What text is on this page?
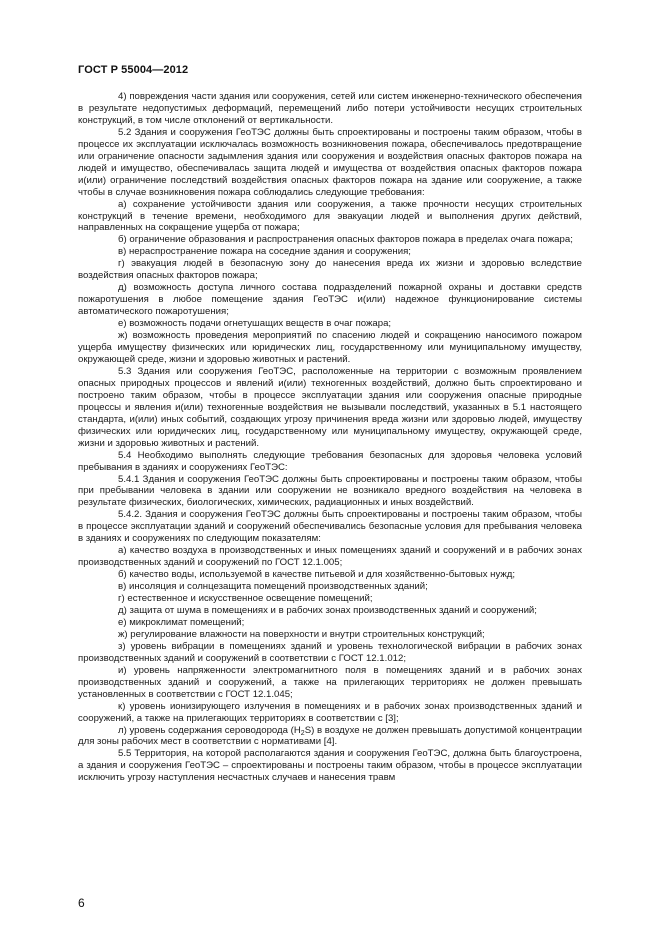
ГОСТ Р 55004—2012

4) повреждения части здания или сооружения, сетей или систем инженерно-технического обеспечения в результате недопустимых деформаций, перемещений либо потери устойчивости несущих строительных конструкций, в том числе отклонений от вертикальности.

5.2 Здания и сооружения ГеоТЭС должны быть спроектированы и построены таким образом, чтобы в процессе их эксплуатации исключалась возможность возникновения пожара, обеспечивалось предотвращение или ограничение опасности задымления здания или сооружения и воздействия опасных факторов пожара на людей и имущество, обеспечивалась защита людей и имущества от воздействия опасных факторов пожара и(или) ограничение последствий воздействия опасных факторов пожара на здание или сооружение, а также чтобы в случае возникновения пожара соблюдались следующие требования:

а) сохранение устойчивости здания или сооружения, а также прочности несущих строительных конструкций в течение времени, необходимого для эвакуации людей и выполнения других действий, направленных на сокращение ущерба от пожара;

б) ограничение образования и распространения опасных факторов пожара в пределах очага пожара;

в) нераспространение пожара на соседние здания и сооружения;

г) эвакуация людей в безопасную зону до нанесения вреда их жизни и здоровью вследствие воздействия опасных факторов пожара;

д) возможность доступа личного состава подразделений пожарной охраны и доставки средств пожаротушения в любое помещение здания ГеоТЭС и(или) надежное функционирование системы автоматического пожаротушения;

е) возможность подачи огнетушащих веществ в очаг пожара;

ж) возможность проведения мероприятий по спасению людей и сокращению наносимого пожаром ущерба имуществу физических или юридических лиц, государственному или муниципальному имуществу, окружающей среде, жизни и здоровью животных и растений.

5.3 Здания или сооружения ГеоТЭС, расположенные на территории с возможным проявлением опасных природных процессов и явлений и(или) техногенных воздействий, должно быть спроектировано и построено таким образом, чтобы в процессе эксплуатации здания или сооружения опасные природные процессы и явления и(или) техногенные воздействия не вызывали последствий, указанных в 5.1 настоящего стандарта, и(или) иных событий, создающих угрозу причинения вреда жизни или здоровью людей, имуществу физических или юридических лиц, государственному или муниципальному имуществу, окружающей среде, жизни и здоровью животных и растений.

5.4 Необходимо выполнять следующие требования безопасных для здоровья человека условий пребывания в зданиях и сооружениях ГеоТЭС:

5.4.1 Здания и сооружения ГеоТЭС должны быть спроектированы и построены таким образом, чтобы при пребывании человека в здании или сооружении не возникало вредного воздействия на человека в результате физических, биологических, химических, радиационных и иных воздействий.

5.4.2. Здания и сооружения ГеоТЭС должны быть спроектированы и построены таким образом, чтобы в процессе эксплуатации зданий и сооружений обеспечивались безопасные условия для пребывания человека в зданиях и сооружениях по следующим показателям:

а) качество воздуха в производственных и иных помещениях зданий и сооружений и в рабочих зонах производственных зданий и сооружений по ГОСТ 12.1.005;

б) качество воды, используемой в качестве питьевой и для хозяйственно-бытовых нужд;

в) инсоляция и солнцезащита помещений производственных зданий;

г) естественное и искусственное освещение помещений;

д) защита от шума в помещениях и в рабочих зонах производственных зданий и сооружений;

е) микроклимат помещений;

ж) регулирование влажности на поверхности и внутри строительных конструкций;

з) уровень вибрации в помещениях зданий и уровень технологической вибрации в рабочих зонах производственных зданий и сооружений в соответствии с ГОСТ 12.1.012;

и) уровень напряженности электромагнитного поля в помещениях зданий и в рабочих зонах производственных зданий и сооружений, а также на прилегающих территориях не должен превышать установленных в соответствии с ГОСТ 12.1.045;

к) уровень ионизирующего излучения в помещениях и в рабочих зонах производственных зданий и сооружений, а также на прилегающих территориях в соответствии с [3];

л) уровень содержания сероводорода $(H_2S)$ в воздухе не должен превышать допустимой концентрации для зоны рабочих мест в соответствии с нормативами [4].

5.5 Территория, на которой располагаются здания и сооружения ГеоТЭС, должна быть благоустроена, а здания и сооружения ГеоТЭС – спроектированы и построены таким образом, чтобы в процессе эксплуатации исключить угрозу наступления несчастных случаев и нанесения травм

6
